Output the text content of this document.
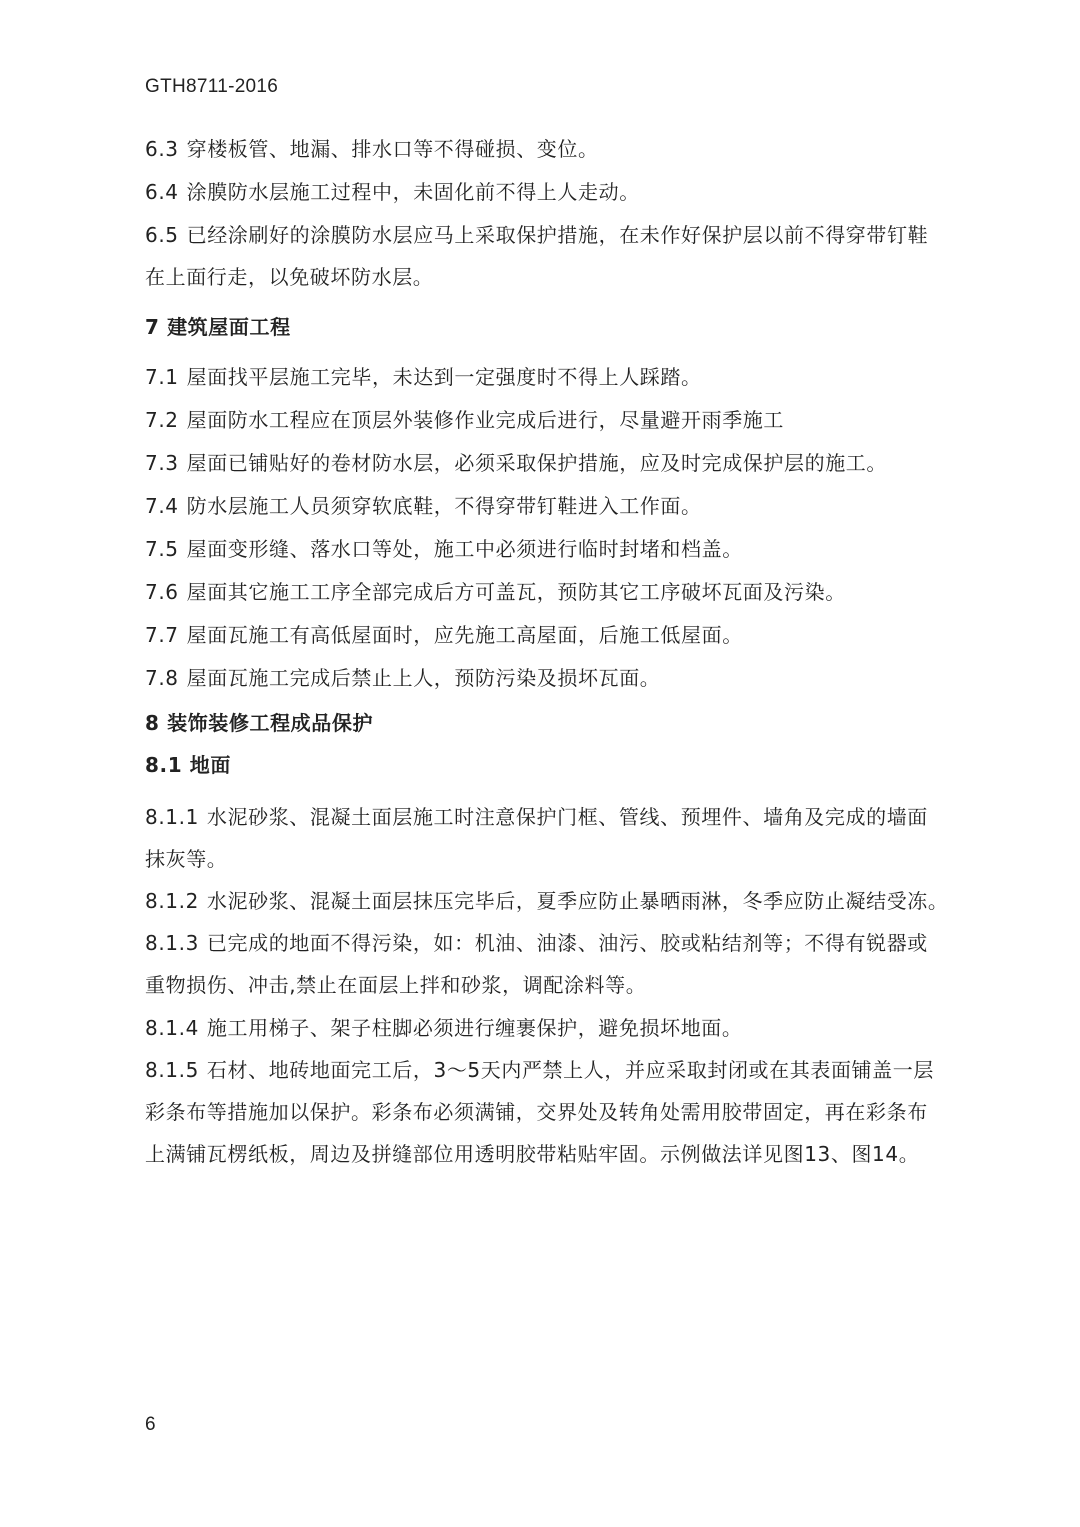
GTH8711-2016
6.3 穿楼板管、地漏、排水口等不得碰损、变位。
6.4 涂膜防水层施工过程中，未固化前不得上人走动。
6.5 已经涂刷好的涂膜防水层应马上采取保护措施，在未作好保护层以前不得穿带钉鞋
在上面行走，以免破坏防水层。
7 建筑屋面工程
7.1 屋面找平层施工完毕，未达到一定强度时不得上人踩踏。
7.2 屋面防水工程应在顶层外装修作业完成后进行，尽量避开雨季施工
7.3 屋面已铺贴好的卷材防水层，必须采取保护措施，应及时完成保护层的施工。
7.4 防水层施工人员须穿软底鞋，不得穿带钉鞋进入工作面。
7.5 屋面变形缝、落水口等处，施工中必须进行临时封堵和档盖。
7.6 屋面其它施工工序全部完成后方可盖瓦，预防其它工序破坏瓦面及污染。
7.7 屋面瓦施工有高低屋面时，应先施工高屋面，后施工低屋面。
7.8 屋面瓦施工完成后禁止上人，预防污染及损坏瓦面。
8 装饰装修工程成品保护
8.1 地面
8.1.1 水泥砂浆、混凝土面层施工时注意保护门框、管线、预埋件、墙角及完成的墙面
抹灰等。
8.1.2 水泥砂浆、混凝土面层抹压完毕后，夏季应防止暴晒雨淋，冬季应防止凝结受冻。
8.1.3 已完成的地面不得污染，如：机油、油漆、油污、胶或粘结剂等；不得有锐器或
重物损伤、冲击,禁止在面层上拌和砂浆，调配涂料等。
8.1.4 施工用梯子、架子柱脚必须进行缠裹保护，避免损坏地面。
8.1.5 石材、地砖地面完工后，3～5天内严禁上人，并应采取封闭或在其表面铺盖一层
彩条布等措施加以保护。彩条布必须满铺，交界处及转角处需用胶带固定，再在彩条布
上满铺瓦楞纸板，周边及拼缝部位用透明胶带粘贴牢固。示例做法详见图13、图14。
6
